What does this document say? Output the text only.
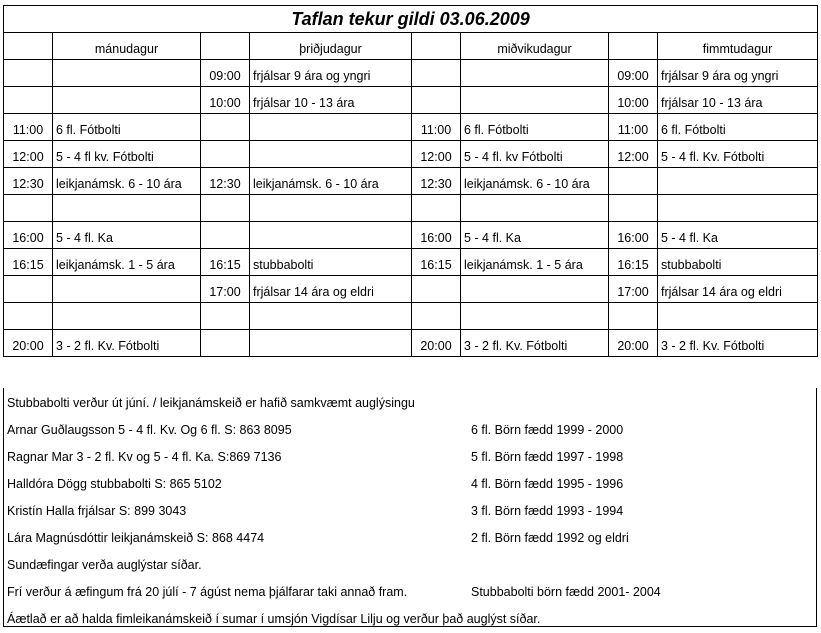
Taflan tekur gildi 03.06.2009							
	mánudagur		þriðjudagur		miðvikudagur		fimmtudagur
		09:00	frjálsar 9 ára og yngri			09:00	frjálsar 9 ára og yngri
		10:00	frjálsar 10 - 13 ára			10:00	frjálsar 10 - 13 ára
11:00	6 fl. Fótbolti			11:00	6 fl. Fótbolti	11:00	6 fl. Fótbolti
12:00	5 - 4 fl kv. Fótbolti			12:00	5 - 4 fl. kv Fótbolti	12:00	5 - 4 fl. Kv. Fótbolti
12:30	leikjanámsk. 6 - 10 ára	12:30	leikjanámsk. 6 - 10 ára	12:30	leikjanámsk. 6 - 10 ára		

16:00	5 - 4 fl. Ka			16:00	5 - 4 fl. Ka	16:00	5 - 4 fl. Ka
16:15	leikjanámsk. 1 - 5 ára	16:15	stubbabolti	16:15	leikjanámsk. 1 - 5 ára	16:15	stubbabolti
		17:00	frjálsar 14 ára og eldri			17:00	frjálsar 14 ára og eldri

20:00	3 - 2 fl. Kv. Fótbolti			20:00	3 - 2 fl. Kv. Fótbolti	20:00	3 - 2 fl. Kv. Fótbolti
Stubbabolti verður út júní. / leikjanámskeið er hafið samkvæmt auglýsingu
Arnar Guðlaugsson 5 - 4 fl. Kv. Og 6 fl. S: 863 8095	6 fl. Börn fædd 1999 - 2000
Ragnar Mar 3 - 2 fl. Kv og 5 - 4 fl. Ka. S:869 7136	5 fl. Börn fædd 1997 - 1998
Halldóra Dögg stubbabolti S: 865 5102	4 fl. Börn fædd 1995 - 1996
Kristín Halla frjálsar S: 899 3043	3 fl. Börn fædd 1993 - 1994
Lára Magnúsdóttir leikjanámskeið S: 868 4474	2 fl. Börn fædd 1992 og eldri
Sundæfingar verða auglýstar síðar.
Frí verður á æfingum frá 20 júlí - 7 ágúst nema þjálfarar taki annað fram.	Stubbabolti börn fædd 2001- 2004
Áætlað er að halda fimleikanámskeið í sumar í umsjón Vigdísar Lilju og verður það auglýst síðar.
